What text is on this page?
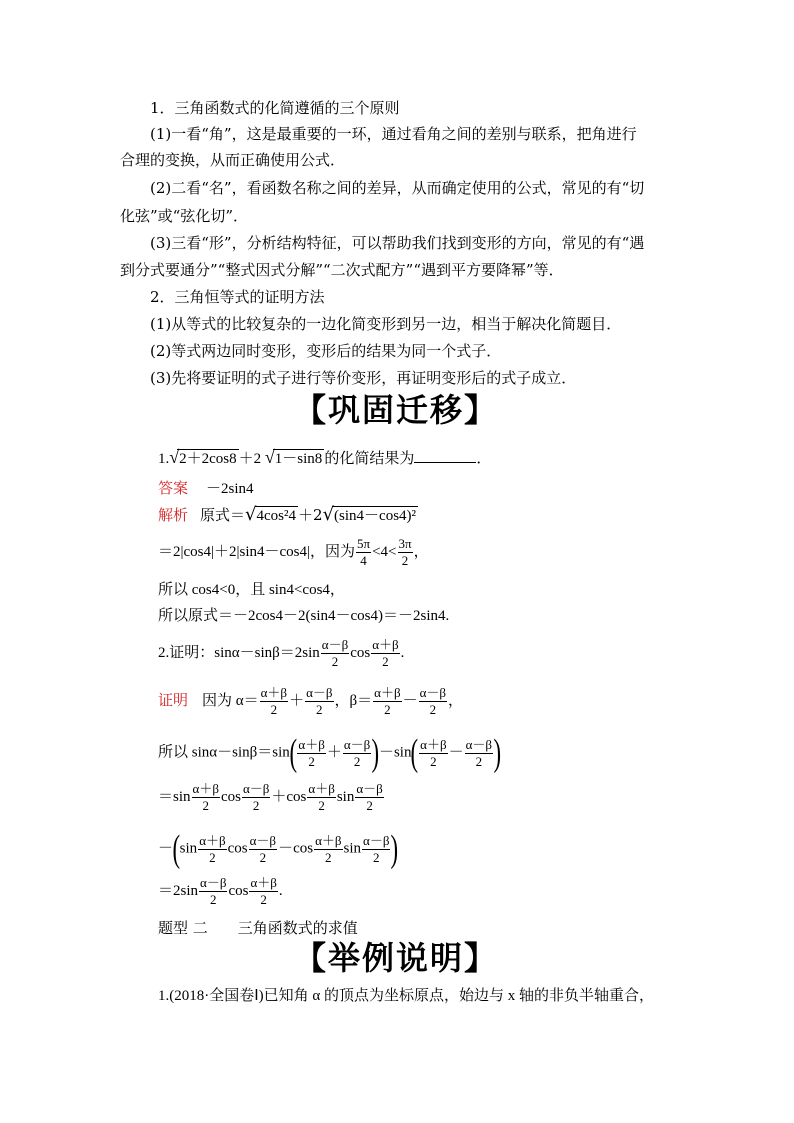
1．三角函数式的化简遵循的三个原则
(1)一看“角”，这是最重要的一环，通过看角之间的差别与联系，把角进行
合理的变换，从而正确使用公式．
(2)二看“名”，看函数名称之间的差异，从而确定使用的公式，常见的有“切
化弦”或“弦化切”．
(3)三看“形”，分析结构特征，可以帮助我们找到变形的方向，常见的有“遇
到分式要通分”“整式因式分解”“二次式配方”“遇到平方要降幂”等．
2．三角恒等式的证明方法
(1)从等式的比较复杂的一边化简变形到另一边，相当于解决化简题目．
(2)等式两边同时变形，变形后的结果为同一个式子．
(3)先将要证明的式子进行等价变形，再证明变形后的式子成立．
【巩固迁移】
1.√2＋2cos8 ＋2 √1－sin8 的化简结果为	．
答案 －2sin4
解析 原式＝√4cos²4 ＋2√(sin4－cos4)²
＝2|cos4|＋2|sin4－cos4|，因为 $\frac{5\pi}{4} <4< \frac{3\pi}{2}$ ，
所以 cos4<0，且 sin4<cos4，
所以原式＝－2cos4－2(sin4－cos4)＝－2sin4.
2.证明：$\sin\alpha-\sin\beta=2\sin \frac{\alpha-\beta}{2}$ $\cos \frac{\alpha+\beta}{2}$ .
证明 因为 $\alpha= \frac{\alpha+\beta}{2} + \frac{\alpha-\beta}{2}$ ，$\beta= \frac{\alpha+\beta}{2} - \frac{\alpha-\beta}{2}$ ，
所以 $\sin\alpha-\sin\beta=\sin( \frac{\alpha+\beta}{2} + \frac{\alpha-\beta}{2} )-\sin( \frac{\alpha+\beta}{2} - \frac{\alpha-\beta}{2}$ )
$=\sin \frac{\alpha+\beta}{2}$ $\cos \frac{\alpha-\beta}{2} +\cos \frac{\alpha+\beta}{2}$ $\sin \frac{\alpha-\beta}{2}$
$-(\sin \frac{\alpha+\beta}{2}$ $\cos \frac{\alpha-\beta}{2} -\cos \frac{\alpha+\beta}{2}$ $\sin \frac{\alpha-\beta}{2}$ )
$=2\sin \frac{\alpha-\beta}{2}$ $\cos \frac{\alpha+\beta}{2}$ .
题型 二 三角函数式的求值
【举例说明】
1.(2018·全国卷Ⅰ)已知角 α 的顶点为坐标原点，始边与 x 轴的非负半轴重合，
